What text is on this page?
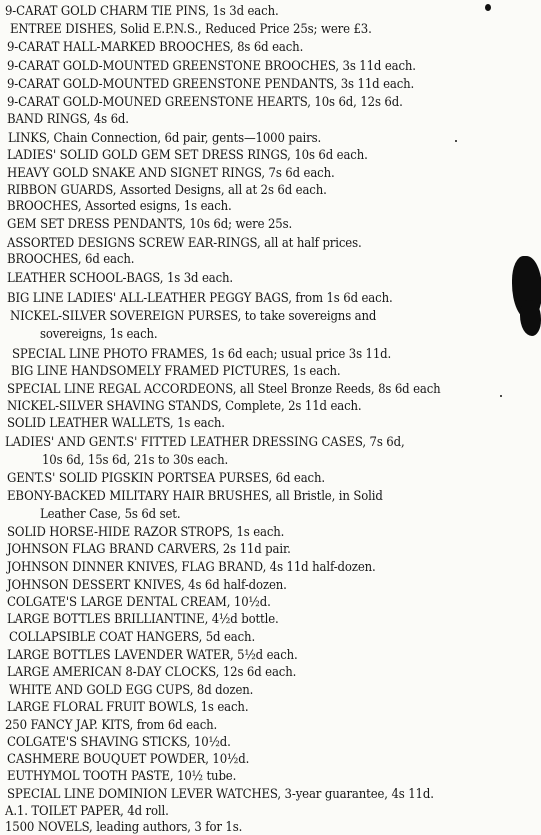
9-CARAT GOLD CHARM TIE PINS, 1s 3d each.
ENTREE DISHES, Solid E.P.N.S., Reduced Price 25s; were £3.
9-CARAT HALL-MARKED BROOCHES, 8s 6d each.
9-CARAT GOLD-MOUNTED GREENSTONE BROOCHES, 3s 11d each.
9-CARAT GOLD-MOUNTED GREENSTONE PENDANTS, 3s 11d each.
9-CARAT GOLD-MOUNED GREENSTONE HEARTS, 10s 6d, 12s 6d.
BAND RINGS, 4s 6d.
LINKS, Chain Connection, 6d pair, gents—1000 pairs.
LADIES' SOLID GOLD GEM SET DRESS RINGS, 10s 6d each.
HEAVY GOLD SNAKE AND SIGNET RINGS, 7s 6d each.
RIBBON GUARDS, Assorted Designs, all at 2s 6d each.
BROOCHES, Assorted esigns, 1s each.
GEM SET DRESS PENDANTS, 10s 6d; were 25s.
ASSORTED DESIGNS SCREW EAR-RINGS, all at half prices.
BROOCHES, 6d each.
LEATHER SCHOOL-BAGS, 1s 3d each.
BIG LINE LADIES' ALL-LEATHER PEGGY BAGS, from 1s 6d each.
NICKEL-SILVER SOVEREIGN PURSES, to take sovereigns and
sovereigns, 1s each.
SPECIAL LINE PHOTO FRAMES, 1s 6d each; usual price 3s 11d.
BIG LINE HANDSOMELY FRAMED PICTURES, 1s each.
SPECIAL LINE REGAL ACCORDEONS, all Steel Bronze Reeds, 8s 6d each
NICKEL-SILVER SHAVING STANDS, Complete, 2s 11d each.
SOLID LEATHER WALLETS, 1s each.
LADIES' AND GENT.S' FITTED LEATHER DRESSING CASES, 7s 6d,
10s 6d, 15s 6d, 21s to 30s each.
GENT.S' SOLID PIGSKIN PORTSEA PURSES, 6d each.
EBONY-BACKED MILITARY HAIR BRUSHES, all Bristle, in Solid
Leather Case, 5s 6d set.
SOLID HORSE-HIDE RAZOR STROPS, 1s each.
JOHNSON FLAG BRAND CARVERS, 2s 11d pair.
JOHNSON DINNER KNIVES, FLAG BRAND, 4s 11d half-dozen.
JOHNSON DESSERT KNIVES, 4s 6d half-dozen.
COLGATE'S LARGE DENTAL CREAM, 10½d.
LARGE BOTTLES BRILLIANTINE, 4½d bottle.
COLLAPSIBLE COAT HANGERS, 5d each.
LARGE BOTTLES LAVENDER WATER, 5½d each.
LARGE AMERICAN 8-DAY CLOCKS, 12s 6d each.
WHITE AND GOLD EGG CUPS, 8d dozen.
LARGE FLORAL FRUIT BOWLS, 1s each.
250 FANCY JAP. KITS, from 6d each.
COLGATE'S SHAVING STICKS, 10½d.
CASHMERE BOUQUET POWDER, 10½d.
EUTHYMOL TOOTH PASTE, 10½ tube.
SPECIAL LINE DOMINION LEVER WATCHES, 3-year guarantee, 4s 11d.
A.1. TOILET PAPER, 4d roll.
1500 NOVELS, leading authors, 3 for 1s.
